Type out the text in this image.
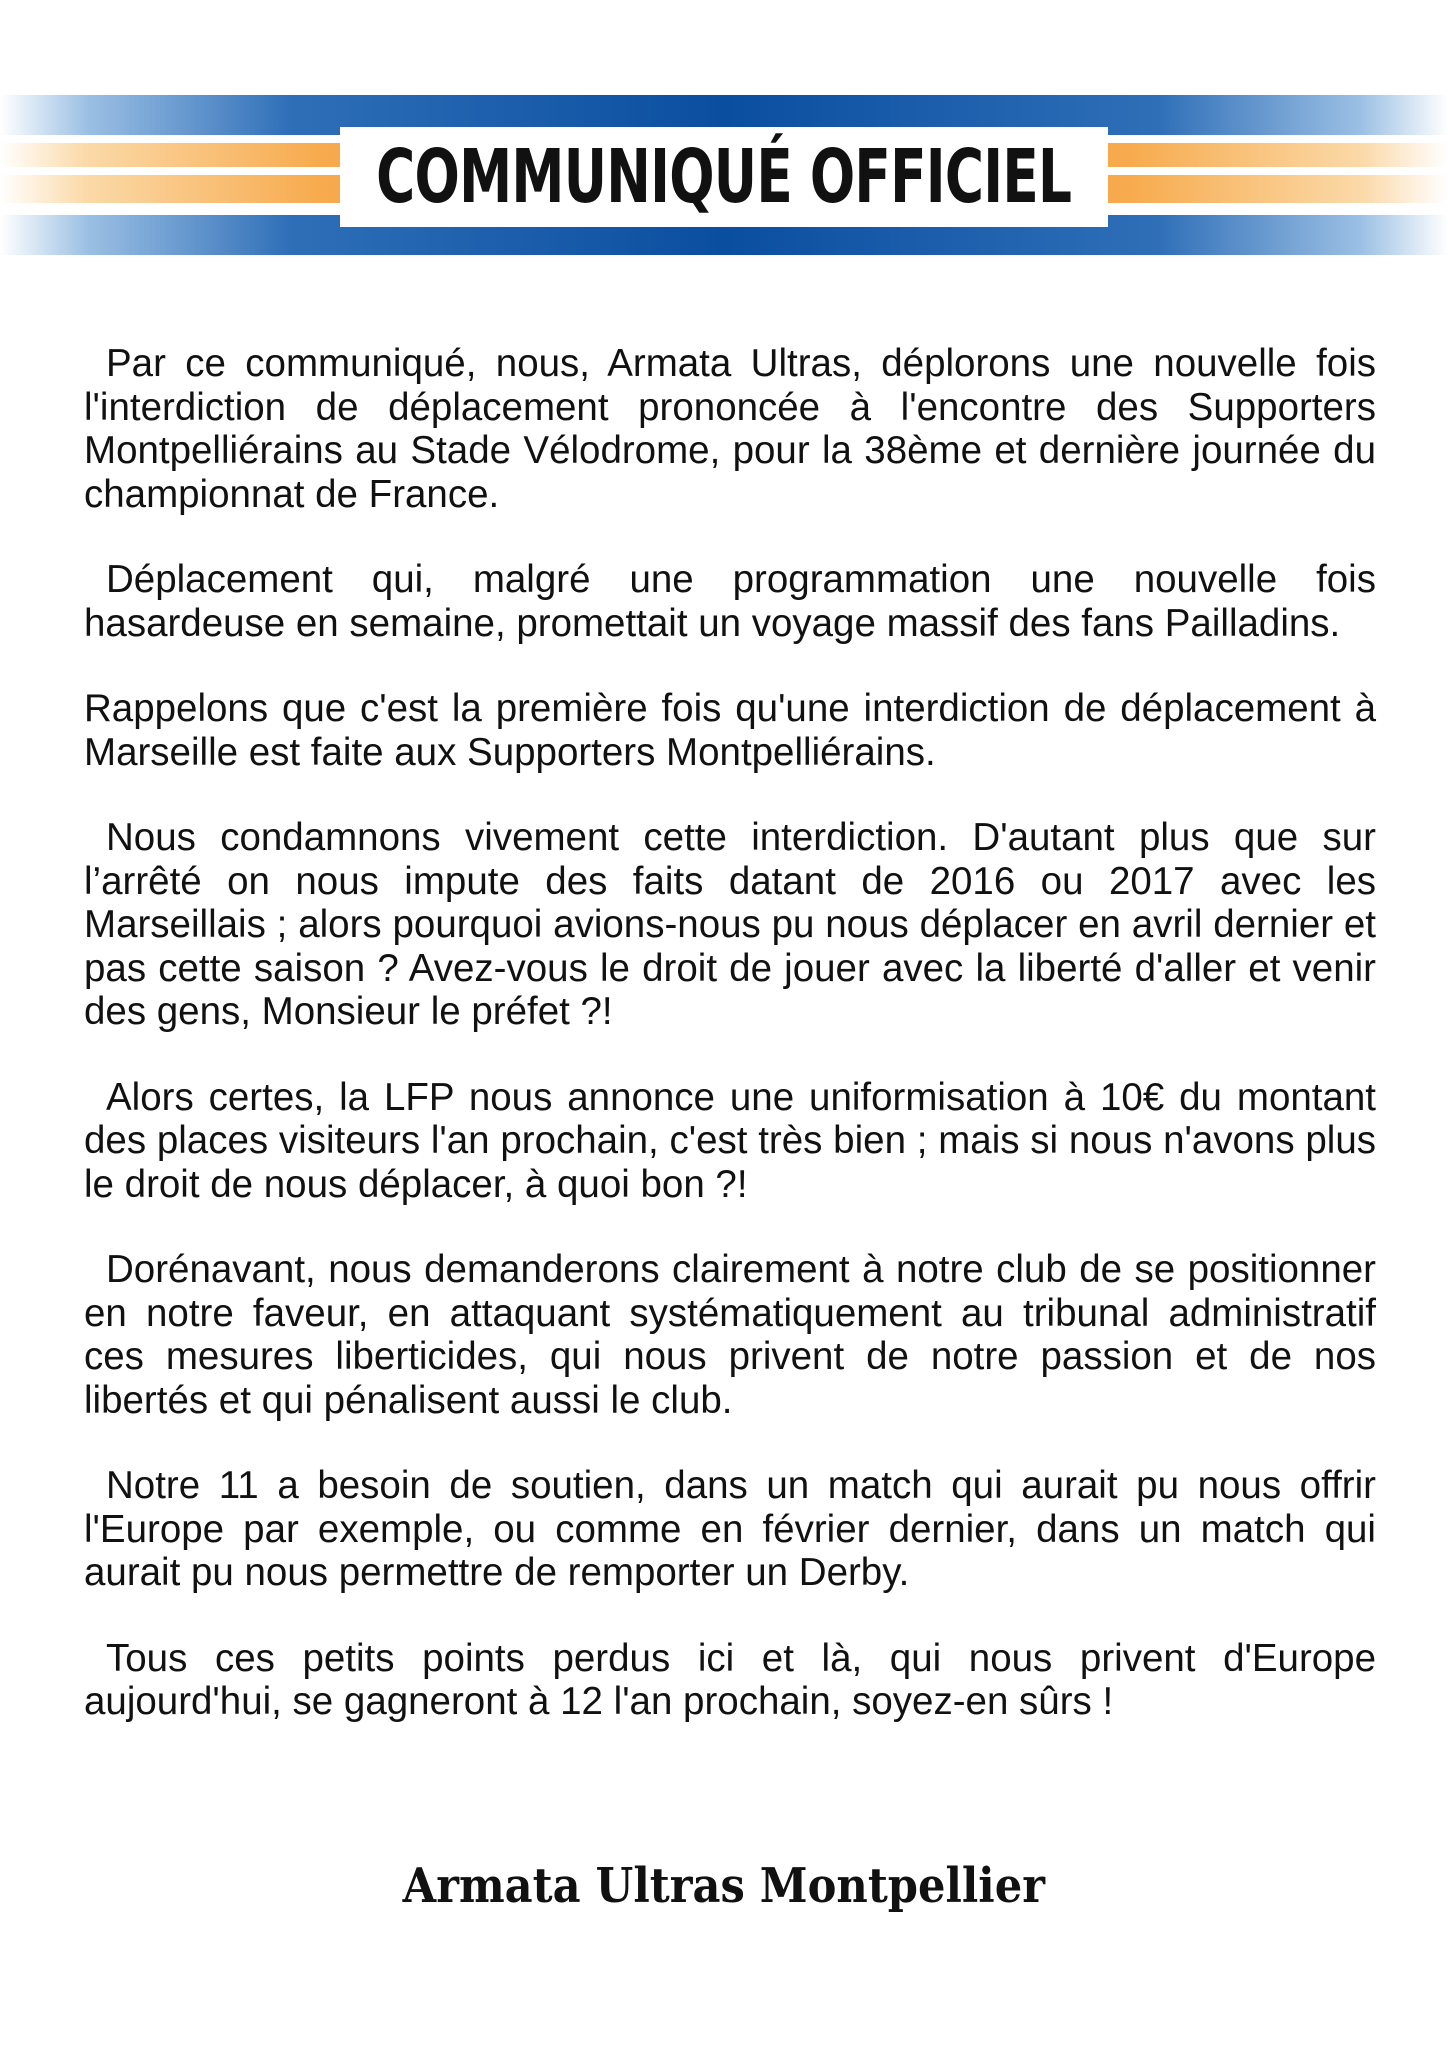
COMMUNIQUÉ OFFICIEL

Par ce communiqué, nous, Armata Ultras, déplorons une nouvelle fois l'interdiction de déplacement prononcée à l'encontre des Supporters Montpelliérains au Stade Vélodrome, pour la 38ème et dernière journée du championnat de France.

Déplacement qui, malgré une programmation une nouvelle fois hasardeuse en semaine, promettait un voyage massif des fans Pailladins.

Rappelons que c'est la première fois qu'une interdiction de déplacement à Marseille est faite aux Supporters Montpelliérains.

Nous condamnons vivement cette interdiction. D'autant plus que sur l’arrêté on nous impute des faits datant de 2016 ou 2017 avec les Marseillais ; alors pourquoi avions-nous pu nous déplacer en avril dernier et pas cette saison ? Avez-vous le droit de jouer avec la liberté d'aller et venir des gens, Monsieur le préfet ?!

Alors certes, la LFP nous annonce une uniformisation à 10€ du montant des places visiteurs l'an prochain, c'est très bien ; mais si nous n'avons plus le droit de nous déplacer, à quoi bon ?!

Dorénavant, nous demanderons clairement à notre club de se positionner en notre faveur, en attaquant systématiquement au tribunal administratif ces mesures liberticides, qui nous privent de notre passion et de nos libertés et qui pénalisent aussi le club.

Notre 11 a besoin de soutien, dans un match qui aurait pu nous offrir l'Europe par exemple, ou comme en février dernier, dans un match qui aurait pu nous permettre de remporter un Derby.

Tous ces petits points perdus ici et là, qui nous privent d'Europe aujourd'hui, se gagneront à 12 l'an prochain, soyez-en sûrs !

Armata Ultras Montpellier
